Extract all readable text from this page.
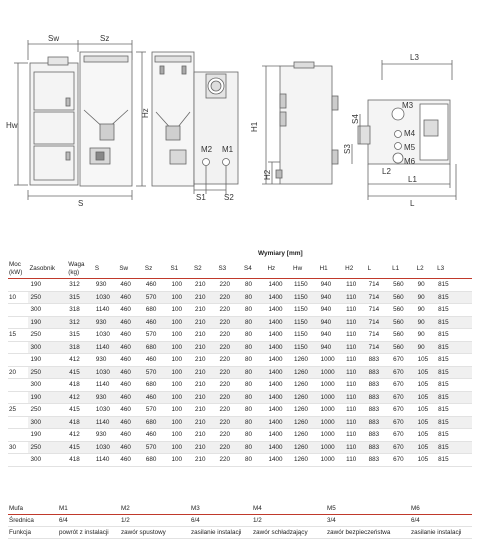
Sw	Sz
Hw
Hz
S
M2 M1
S1 S2
H1
H2
L3
M3
M4
M5
M6
S4
S3
L2
L1
L
Wymiary [mm]
Moc (kW)	Zasobnik	Waga (kg)	S	Sw	Sz	S1	S2	S3	S4	Hz	Hw	H1	H2	L	L1	L2	L3
	190	312	930	460	460	100	210	220	80	1400	1150	940	110	714	560	90	815
10	250	315	1030	460	570	100	210	220	80	1400	1150	940	110	714	560	90	815
	300	318	1140	460	680	100	210	220	80	1400	1150	940	110	714	560	90	815
	190	312	930	460	460	100	210	220	80	1400	1150	940	110	714	560	90	815
15	250	315	1030	460	570	100	210	220	80	1400	1150	940	110	714	560	90	815
	300	318	1140	460	680	100	210	220	80	1400	1150	940	110	714	560	90	815
	190	412	930	460	460	100	210	220	80	1400	1260	1000	110	883	670	105	815
20	250	415	1030	460	570	100	210	220	80	1400	1260	1000	110	883	670	105	815
	300	418	1140	460	680	100	210	220	80	1400	1260	1000	110	883	670	105	815
	190	412	930	460	460	100	210	220	80	1400	1260	1000	110	883	670	105	815
25	250	415	1030	460	570	100	210	220	80	1400	1260	1000	110	883	670	105	815
	300	418	1140	460	680	100	210	220	80	1400	1260	1000	110	883	670	105	815
	190	412	930	460	460	100	210	220	80	1400	1260	1000	110	883	670	105	815
30	250	415	1030	460	570	100	210	220	80	1400	1260	1000	110	883	670	105	815
	300	418	1140	460	680	100	210	220	80	1400	1260	1000	110	883	670	105	815
Mufa	M1	M2	M3	M4	M5	M6
Średnica	6/4	1/2	6/4	1/2	3/4	6/4
Funkcja	powrót z instalacji	zawór spustowy	zasilanie instalacji	zawór schładzający	zawór bezpieczeństwa	zasilanie instalacji
